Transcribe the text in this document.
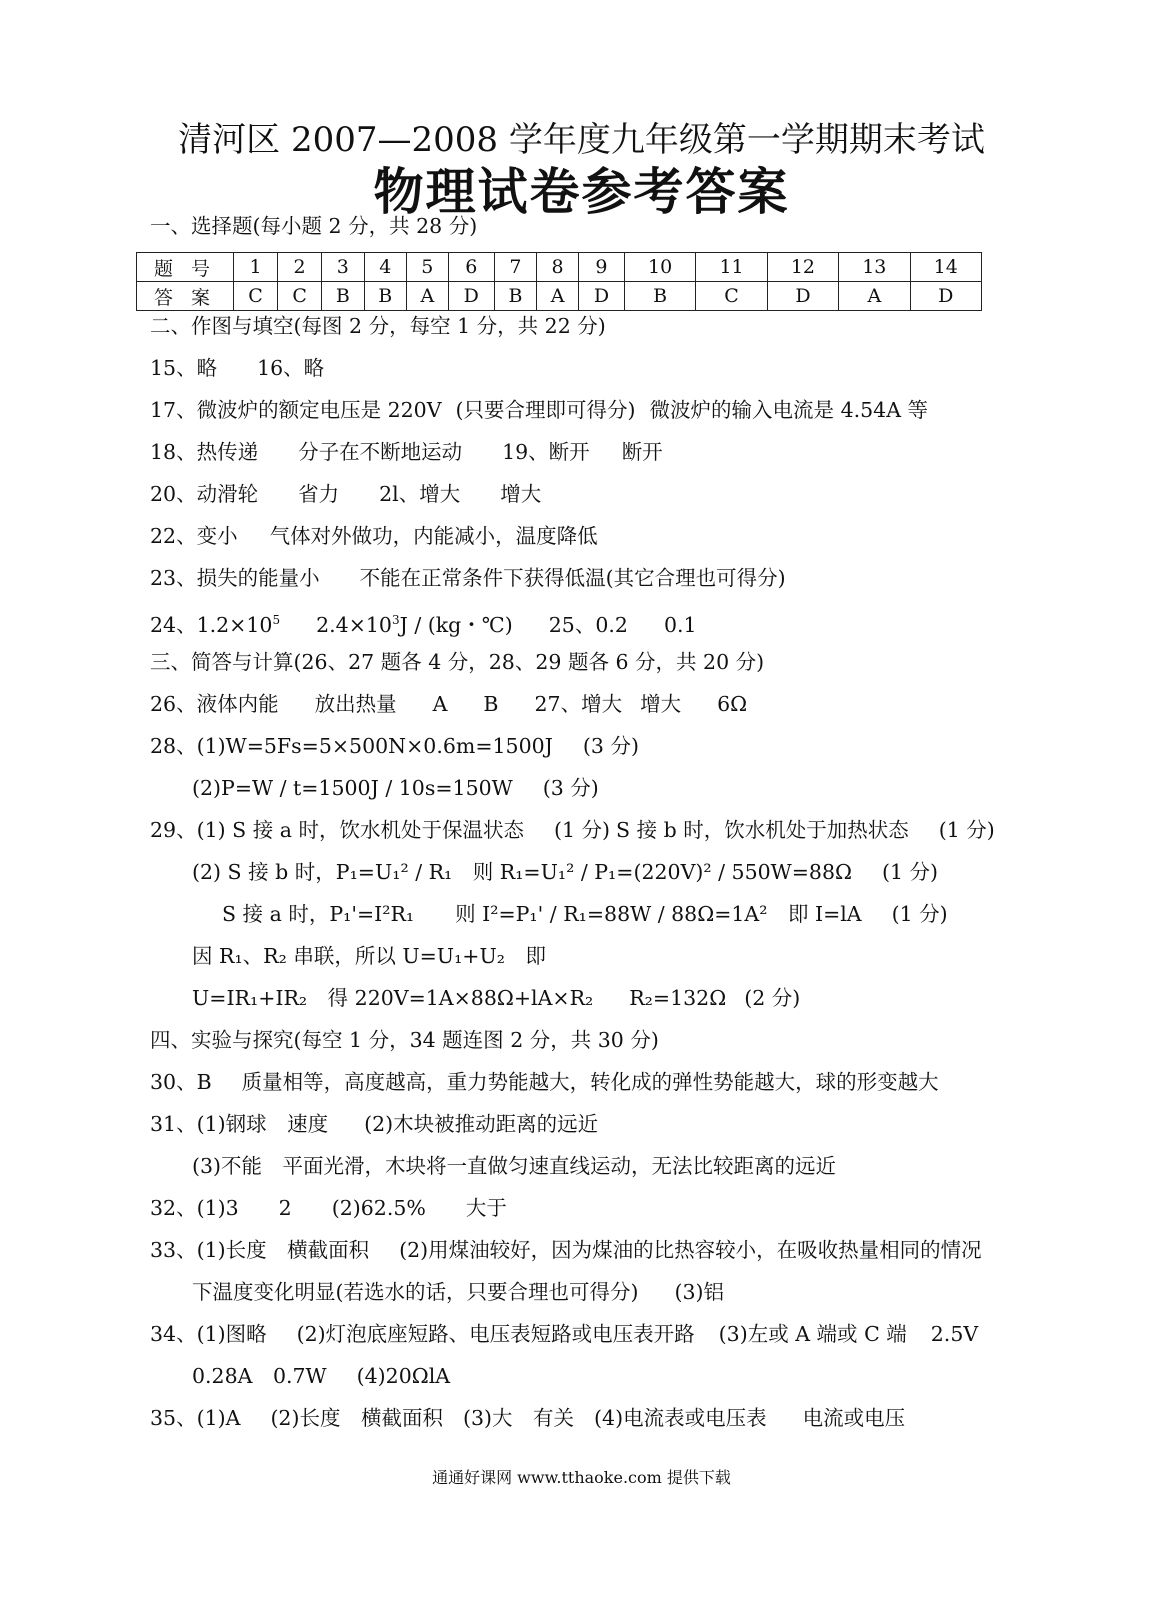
清河区 2007—2008 学年度九年级第一学期期末考试
物理试卷参考答案
一、选择题(每小题 2 分，共 28 分)
题 号	1	2	3	4	5	6	7	8	9	10	11	12	13	14
答 案	C	C	B	B	A	D	B	A	D	B	C	D	A	D
二、作图与填空(每图 2 分，每空 1 分，共 22 分)
15、略 16、略
17、微波炉的额定电压是 220V (只要合理即可得分) 微波炉的输入电流是 4.54A 等
18、热传递 分子在不断地运动 19、断开 断开
20、动滑轮 省力 2l、增大 增大
22、变小 气体对外做功，内能减小，温度降低
23、损失的能量小 不能在正常条件下获得低温(其它合理也可得分)
24、$1.2\times 10^5$ $2.4\times 10^3J / (kg$・℃) 25、0.2 0.1
三、简答与计算(26、27 题各 4 分，28、29 题各 6 分，共 20 分)
26、液体内能 放出热量 A B 27、增大 增大 6Ω
28、(1)W=5Fs=5×500N×0.6m=1500J (3 分)
(2)P=W / t=1500J / 10s=150W (3 分)
29、(1) S 接 a 时，饮水机处于保温状态 (1 分) S 接 b 时，饮水机处于加热状态 (1 分)
(2) S 接 b 时，P₁=U₁² / R₁　则 R₁=U₁² / P₁=(220V)² / 550W=88Ω (1 分)
S 接 a 时，P₁'=I²R₁　　则 I²=P₁' / R₁=88W / 88Ω=1A²　即 I=lA (1 分)
因 R₁、R₂ 串联，所以 U=U₁+U₂　即
U=IR₁+IR₂　得 220V=1A×88Ω+lA×R₂ R₂=132Ω (2 分)
四、实验与探究(每空 1 分，34 题连图 2 分，共 30 分)
30、B 质量相等，高度越高，重力势能越大，转化成的弹性势能越大，球的形变越大
31、(1)钢球　速度 (2)木块被推动距离的远近
(3)不能　平面光滑，木块将一直做匀速直线运动，无法比较距离的远近
32、(1)3 2 (2)62.5% 大于
33、(1)长度　横截面积 (2)用煤油较好，因为煤油的比热容较小，在吸收热量相同的情况
下温度变化明显(若选水的话，只要合理也可得分) (3)铝
34、(1)图略 (2)灯泡底座短路、电压表短路或电压表开路 (3)左或 A 端或 C 端 2.5V
0.28A　0.7W (4)20ΩlA
35、(1)A (2)长度　横截面积 (3)大　有关 (4)电流表或电压表 电流或电压
通通好课网 www.tthaoke.com 提供下载
